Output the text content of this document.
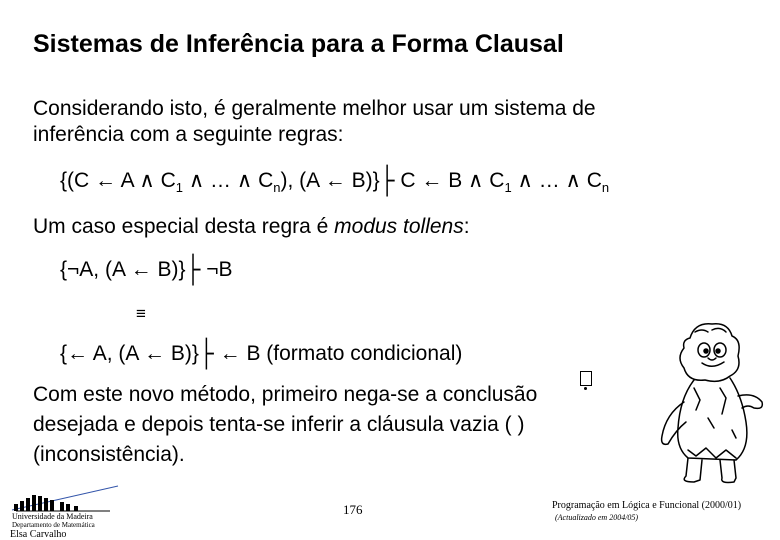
Sistemas de Inferência para a Forma Clausal
Considerando isto, é geralmente melhor usar um sistema de
inferência com a seguinte regras:
{(C ← A ∧ $C_1$ ∧ … ∧ $C_n$), (A ← B)}├ C ← B ∧ $C_1$ ∧ … ∧ $C_n$
Um caso especial desta regra é modus tollens:
{¬A, (A ← B)}├ ¬B
≡
{← A, (A ← B)}├ ← B (formato condicional)
Com este novo método, primeiro nega-se a conclusão
desejada e depois tenta-se inferir a cláusula vazia ( )
(inconsistência).
Universidade da Madeira
Departamento de Matemática
Elsa Carvalho
176	Programação em Lógica e Funcional (2000/01)
(Actualizado em 2004/05)
